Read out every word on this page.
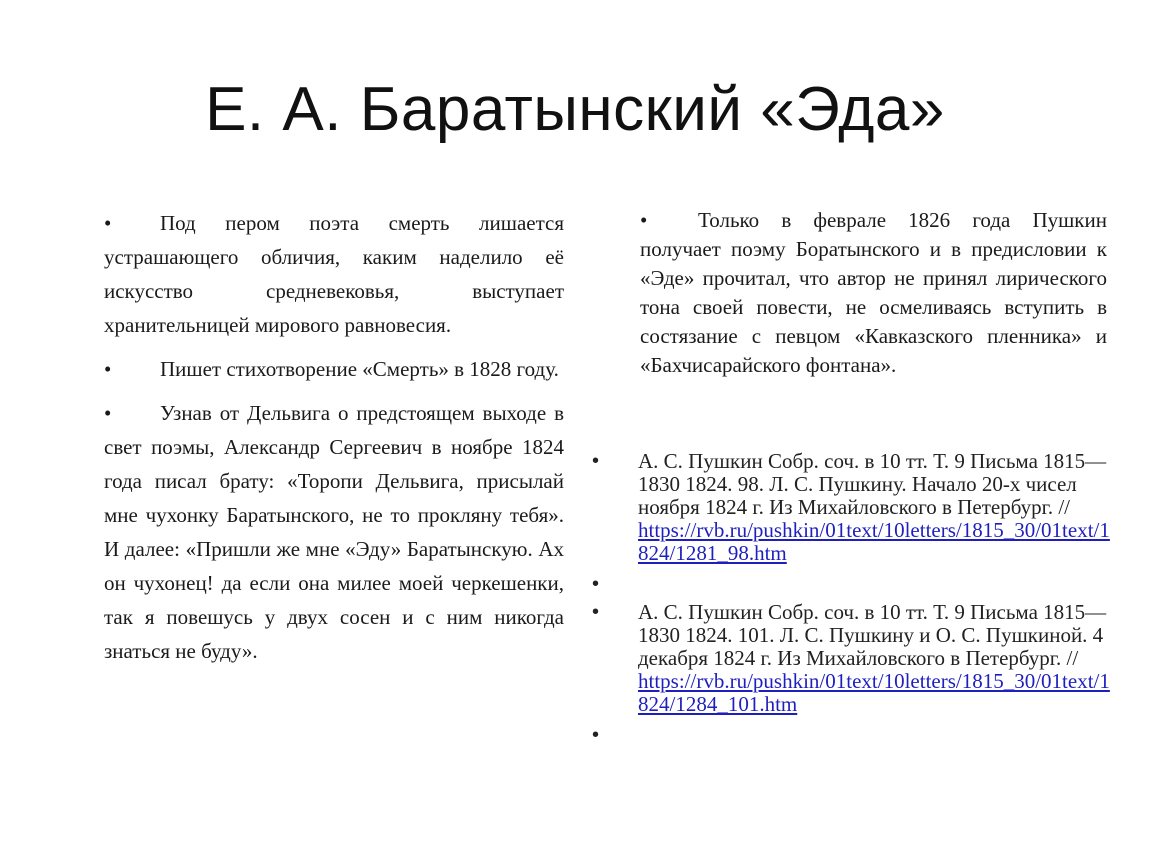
Е. А. Баратынский «Эда»

• Под пером поэта смерть лишается устрашающего обличия, каким наделило её искусство средневековья, выступает хранительницей мирового равновесия.

• Пишет стихотворение «Смерть» в 1828 году.

• Узнав от Дельвига о предстоящем выходе в свет поэмы, Александр Сергеевич в ноябре 1824 года писал брату: «Торопи Дельвига, присылай мне чухонку Баратынского, не то прокляну тебя». И далее: «Пришли же мне «Эду» Баратынскую. Ах он чухонец! да если она милее моей черкешенки, так я повешусь у двух сосен и с ним никогда знаться не буду».

• Только в феврале 1826 года Пушкин получает поэму Боратынского и в предисловии к «Эде» прочитал, что автор не принял лирического тона своей повести, не осмеливаясь вступить в состязание с певцом «Кавказского пленника» и «Бахчисарайского фонтана».

• А. С. Пушкин Собр. соч. в 10 тт. Т. 9 Письма 1815—1830 1824. 98. Л. С. Пушкину. Начало 20-х чисел ноября 1824 г. Из Михайловского в Петербург. //
https://rvb.ru/pushkin/01text/10letters/1815_30/01text/1824/1281_98.htm
•
• А. С. Пушкин Собр. соч. в 10 тт. Т. 9 Письма 1815—1830 1824. 101. Л. С. Пушкину и О. С. Пушкиной. 4 декабря 1824 г. Из Михайловского в Петербург. //
https://rvb.ru/pushkin/01text/10letters/1815_30/01text/1824/1284_101.htm
•
